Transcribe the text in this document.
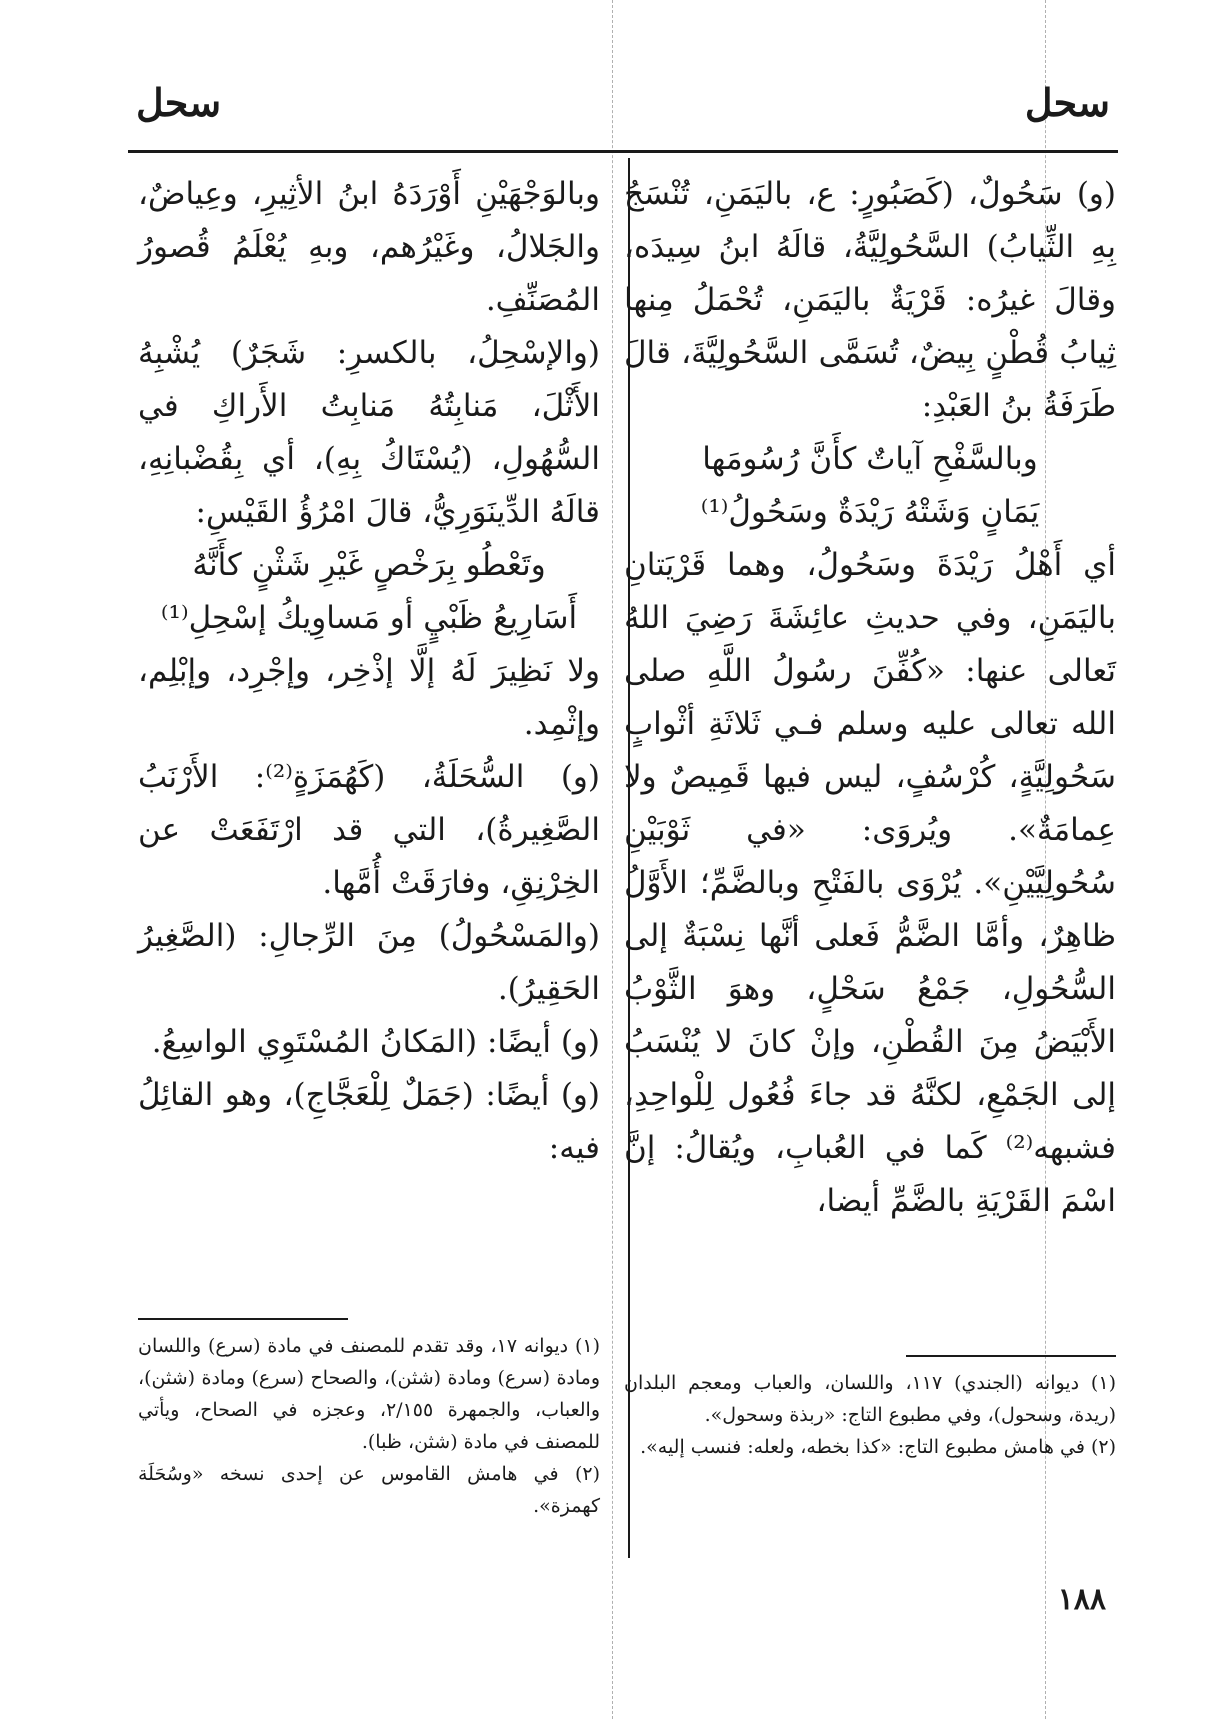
سحل
سحل

(و) سَحُولٌ، (كَصَبُورٍ: ع، باليَمَنِ، تُنْسَجُ بِهِ الثِّيابُ) السَّحُولِيَّةُ، قالَهُ ابنُ سِيدَه، وقالَ غيرُه: قَرْيَةٌ باليَمَنِ، تُحْمَلُ مِنها ثِيابُ قُطْنٍ بِيضٌ، تُسَمَّى السَّحُولِيَّةَ، قالَ طَرَفَةُ بنُ العَبْدِ:

وبالسَّفْحِ آياتٌ كأَنَّ رُسُومَها

يَمَانٍ وَشَتْهُ رَيْدَةٌ وسَحُولُ⁽¹⁾

أي أَهْلُ رَيْدَةَ وسَحُولُ، وهما قَرْيَتانِ باليَمَنِ، وفي حديثِ عائِشَةَ رَضِيَ اللهُ تَعالى عنها: «كُفِّنَ رسُولُ اللَّهِ صلى الله تعالى عليه وسلم فـي ثَلاثَةِ أثْوابٍ سَحُولِيَّةٍ، كُرْسُفٍ، ليس فيها قَمِيصٌ ولا عِمامَةٌ». ويُروَى: «في ثَوْبَيْنِ سُحُولِيَّيْنِ». يُرْوَى بالفَتْحِ وبالضَّمِّ؛ الأَوَّلُ ظاهِرٌ، وأمَّا الضَّمُّ فَعلى أنَّها نِسْبَةٌ إلى السُّحُولِ، جَمْعُ سَحْلٍ، وهوَ الثَّوْبُ الأَبْيَضُ مِنَ القُطْنِ، وإنْ كانَ لا يُنْسَبُ إلى الجَمْعِ، لكنَّهُ قد جاءَ فُعُول لِلْواحِدِ، فشبهه⁽²⁾ كَما في العُبابِ، ويُقالُ: إنَّ اسْمَ القَرْيَةِ بالضَّمِّ أيضا،

وبالوَجْهَيْنِ أَوْرَدَهُ ابنُ الأثِيرِ، وعِياضٌ، والجَلالُ، وغَيْرُهم، وبهِ يُعْلَمُ قُصورُ المُصَنِّفِ.

(والإسْحِلُ، بالكسرِ: شَجَرٌ) يُشْبِهُ الأَثْلَ، مَنابِتُهُ مَنابِتُ الأَراكِ في السُّهُولِ، (يُسْتَاكُ بِهِ)، أي بِقُضْبانِهِ، قالَهُ الدِّينَوَرِيُّ، قالَ امْرُؤُ القَيْسِ:

وتَعْطُو بِرَخْصٍ غَيْرِ شَثْنٍ كأَنَّهُ

أَسَارِيعُ ظَبْيٍ أو مَساوِيكُ إسْحِلِ⁽¹⁾

ولا نَظِيرَ لَهُ إلَّا إذْخِر، وإجْرِد، وإبْلِم، وإثْمِد.

(و) السُّحَلَةُ، (كَهُمَزَةٍ⁽²⁾: الأَرْنَبُ الصَّغِيرةُ)، التي قد ارْتَفَعَتْ عن الخِرْنِقِ، وفارَقَتْ أُمَّها.

(والمَسْحُولُ) مِنَ الرِّجالِ: (الصَّغِيرُ الحَقِيرُ).

(و) أيضًا: (المَكانُ المُسْتَوِي الواسِعُ.

(و) أيضًا: (جَمَلٌ لِلْعَجَّاجِ)، وهو القائِلُ فيه:

(١) ديوانه (الجندي) ١١٧، واللسان، والعباب ومعجم البلدان (ريدة، وسحول)، وفي مطبوع التاج: «ربذة وسحول».

(٢) في هامش مطبوع التاج: «كذا بخطه، ولعله: فنسب إليه».

(١) ديوانه ١٧، وقد تقدم للمصنف في مادة (سرع) واللسان ومادة (سرع) ومادة (شثن)، والصحاح (سرع) ومادة (شثن)، والعباب، والجمهرة ٢/١٥٥، وعجزه في الصحاح، ويأتي للمصنف في مادة (شثن، ظبا).

(٢) في هامش القاموس عن إحدى نسخه «وسُحَلَة كهمزة».

١٨٨
